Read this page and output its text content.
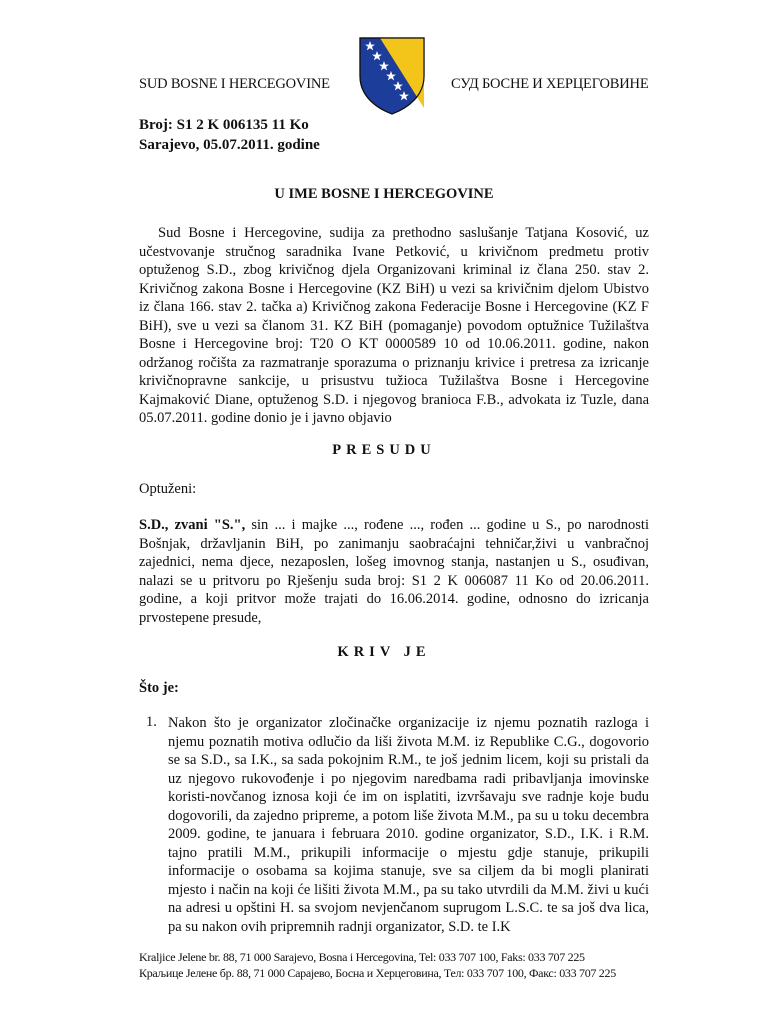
SUD BOSNE I HERCEGOVINE	СУД БОСНЕ И ХЕРЦЕГОВИНЕ
Broj: S1 2 K 006135 11 Ko
Sarajevo, 05.07.2011. godine
U IME BOSNE I HERCEGOVINE
Sud Bosne i Hercegovine, sudija za prethodno saslušanje Tatjana Kosović, uz učestvovanje stručnog saradnika Ivane Petković, u krivičnom predmetu protiv optuženog S.D., zbog krivičnog djela Organizovani kriminal iz člana 250. stav 2. Krivičnog zakona Bosne i Hercegovine (KZ BiH) u vezi sa krivičnim djelom Ubistvo iz člana 166. stav 2. tačka a) Krivičnog zakona Federacije Bosne i Hercegovine (KZ F BiH), sve u vezi sa članom 31. KZ BiH (pomaganje) povodom optužnice Tužilaštva Bosne i Hercegovine broj: T20 O KT 0000589 10 od 10.06.2011. godine, nakon održanog ročišta za razmatranje sporazuma o priznanju krivice i pretresa za izricanje krivičnopravne sankcije, u prisustvu tužioca Tužilaštva Bosne i Hercegovine Kajmaković Diane, optuženog S.D. i njegovog branioca F.B., advokata iz Tuzle, dana 05.07.2011. godine donio je i javno objavio
PRESUDU
Optuženi:
S.D., zvani "S.", sin ... i majke ..., rođene ..., rođen ... godine u S., po narodnosti Bošnjak, državljanin BiH, po zanimanju saobraćajni tehničar,živi u vanbračnoj zajednici, nema djece, nezaposlen, lošeg imovnog stanja, nastanjen u S., osuđivan, nalazi se u pritvoru po Rješenju suda broj: S1 2 K 006087 11 Ko od 20.06.2011. godine, a koji pritvor može trajati do 16.06.2014. godine, odnosno do izricanja prvostepene presude,
KRIV JE
Što je:
1. Nakon što je organizator zločinačke organizacije iz njemu poznatih razloga i njemu poznatih motiva odlučio da liši života M.M. iz Republike C.G., dogovorio se sa S.D., sa I.K., sa sada pokojnim R.M., te još jednim licem, koji su pristali da uz njegovo rukovođenje i po njegovim naredbama radi pribavljanja imovinske koristi-novčanog iznosa koji će im on isplatiti, izvršavaju sve radnje koje budu dogovorili, da zajedno pripreme, a potom liše života M.M., pa su u toku decembra 2009. godine, te januara i februara 2010. godine organizator, S.D., I.K. i R.M. tajno pratili M.M., prikupili informacije o mjestu gdje stanuje, prikupili informacije o osobama sa kojima stanuje, sve sa ciljem da bi mogli planirati mjesto i način na koji će lišiti života M.M., pa su tako utvrdili da M.M. živi u kući na adresi u opštini H. sa svojom nevjenčanom suprugom L.S.C. te sa još dva lica, pa su nakon ovih pripremnih radnji organizator, S.D. te I.K
Kraljice Jelene br. 88, 71 000 Sarajevo, Bosna i Hercegovina, Tel: 033 707 100, Faks: 033 707 225
Краљице Јелене бр. 88, 71 000 Сарајево, Босна и Херцеговина, Тел: 033 707 100, Факс: 033 707 225
